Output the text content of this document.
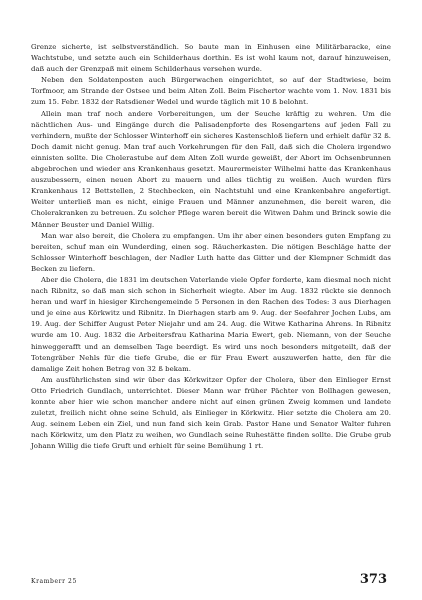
Grenze sicherte, ist selbstverständlich. So baute man in Einhusen eine Militärbaracke, eine Wachtstube, und setzte auch ein Schilderhaus dorthin. Es ist wohl kaum not, darauf hinzuweisen, daß auch der Grenzpaß mit einem Schilderhaus versehen wurde.

Neben den Soldatenposten auch Bürgerwachen eingerichtet, so auf der Stadtwiese, beim Torfmoor, am Strande der Ostsee und beim Alten Zoll. Beim Fischertor wachte vom 1. Nov. 1831 bis zum 15. Febr. 1832 der Ratsdiener Wedel und wurde täglich mit 10 ß belohnt.

Allein man traf noch andere Vorbereitungen, um der Seuche kräftig zu wehren. Um die nächtlichen Aus- und Eingänge durch die Palisadenpforte des Rosengartens auf jeden Fall zu verhindern, mußte der Schlosser Winterhoff ein sicheres Kastenschloß liefern und erhielt dafür 32 ß. Doch damit nicht genug. Man traf auch Vorkehrungen für den Fall, daß sich die Cholera irgendwo einnisten sollte. Die Cholerastube auf dem Alten Zoll wurde geweißt, der Abort im Ochsenbrunnen abgebrochen und wieder ans Krankenhaus gesetzt. Maurermeister Wilhelmi hatte das Krankenhaus auszubessern, einen neuen Abort zu mauern und alles tüchtig zu weißen. Auch wurden fürs Krankenhaus 12 Bettstellen, 2 Stechbecken, ein Nachtstuhl und eine Krankenbahre angefertigt. Weiter unterließ man es nicht, einige Frauen und Männer anzunehmen, die bereit waren, die Cholerakranken zu betreuen. Zu solcher Pflege waren bereit die Witwen Dahm und Brinck sowie die Männer Beuster und Daniel Willig.

Man war also bereit, die Cholera zu empfangen. Um ihr aber einen besonders guten Empfang zu bereiten, schuf man ein Wunderding, einen sog. Räucherkasten. Die nötigen Beschläge hatte der Schlosser Winterhoff beschlagen, der Nadler Luth hatte das Gitter und der Klempner Schmidt das Becken zu liefern.

Aber die Cholera, die 1831 im deutschen Vaterlande viele Opfer forderte, kam diesmal noch nicht nach Ribnitz, so daß man sich schon in Sicherheit wiegte. Aber im Aug. 1832 rückte sie dennoch heran und warf in hiesiger Kirchengemeinde 5 Personen in den Rachen des Todes: 3 aus Dierhagen und je eine aus Körkwitz und Ribnitz. In Dierhagen starb am 9. Aug. der Seefahrer Jochen Lubs, am 19. Aug. der Schiffer August Peter Niejahr und am 24. Aug. die Witwe Katharina Ahrens. In Ribnitz wurde am 10. Aug. 1832 die Arbeitersfrau Katharina Maria Ewert, geb. Niemann, von der Seuche hinweggerafft und an demselben Tage beerdigt. Es wird uns noch besonders mitgeteilt, daß der Totengräber Nehls für die tiefe Grube, die er für Frau Ewert auszuwerfen hatte, den für die damalige Zeit hohen Betrag von 32 ß bekam.

Am ausführlichsten sind wir über das Körkwitzer Opfer der Cholera, über den Einlieger Ernst Otto Friedrich Gundlach, unterrichtet. Dieser Mann war früher Pächter von Bollhagen gewesen, konnte aber hier wie schon mancher andere nicht auf einen grünen Zweig kommen und landete zuletzt, freilich nicht ohne seine Schuld, als Einlieger in Körkwitz. Hier setzte die Cholera am 20. Aug. seinem Leben ein Ziel, und nun fand sich kein Grab. Pastor Hane und Senator Walter fuhren nach Körkwitz, um den Platz zu weihen, wo Gundlach seine Ruhestätte finden sollte. Die Grube grub Johann Willig die tiefe Gruft und erhielt für seine Bemühung 1 rt.

Kramberr 25	373
